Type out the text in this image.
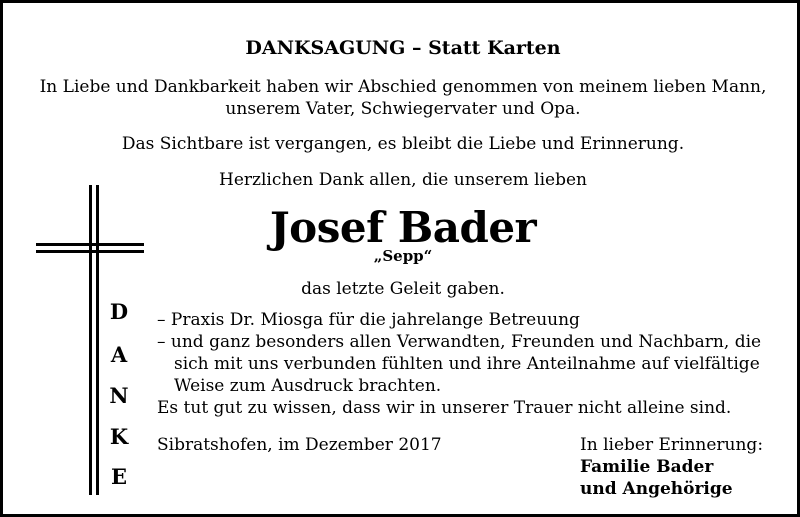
DANKSAGUNG – Statt Karten
In Liebe und Dankbarkeit haben wir Abschied genommen von meinem lieben Mann,
unserem Vater, Schwiegervater und Opa.
Das Sichtbare ist vergangen, es bleibt die Liebe und Erinnerung.
Herzlichen Dank allen, die unserem lieben
Josef Bader
„Sepp“
das letzte Geleit gaben.
D
A
N
K
E
– Praxis Dr. Miosga für die jahrelange Betreuung
– und ganz besonders allen Verwandten, Freunden und Nachbarn, die
sich mit uns verbunden fühlten und ihre Anteilnahme auf vielfältige
Weise zum Ausdruck brachten.
Es tut gut zu wissen, dass wir in unserer Trauer nicht alleine sind.
Sibratshofen, im Dezember 2017	In lieber Erinnerung:
Familie Bader
und Angehörige
